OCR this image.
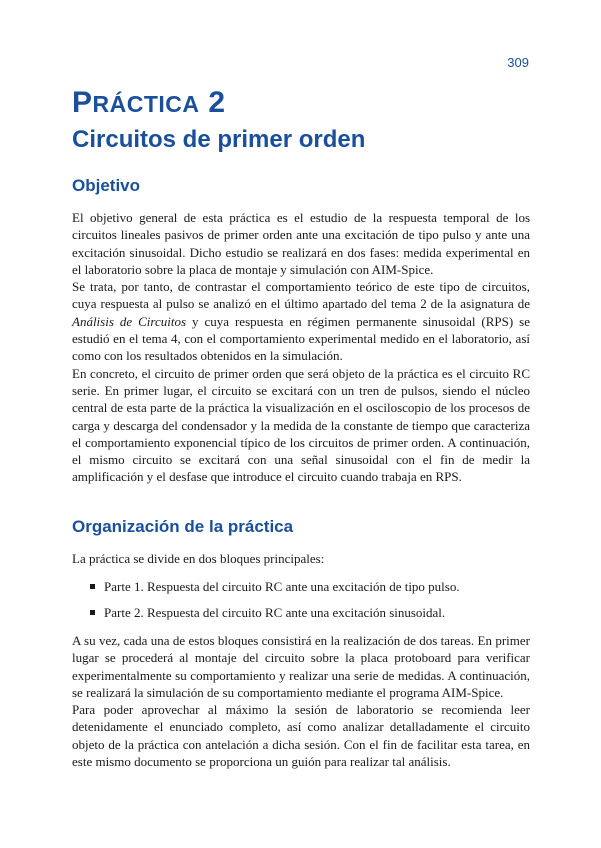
309
PRÁCTICA 2
Circuitos de primer orden
Objetivo

El objetivo general de esta práctica es el estudio de la respuesta temporal de los circuitos lineales pasivos de primer orden ante una excitación de tipo pulso y ante una excitación sinusoidal. Dicho estudio se realizará en dos fases: medida experimental en el laboratorio sobre la placa de montaje y simulación con AIM-Spice.

Se trata, por tanto, de contrastar el comportamiento teórico de este tipo de circuitos, cuya respuesta al pulso se analizó en el último apartado del tema 2 de la asignatura de Análisis de Circuitos y cuya respuesta en régimen permanente sinusoidal (RPS) se estudió en el tema 4, con el comportamiento experimental medido en el laboratorio, así como con los resultados obtenidos en la simulación.

En concreto, el circuito de primer orden que será objeto de la práctica es el circuito RC serie. En primer lugar, el circuito se excitará con un tren de pulsos, siendo el núcleo central de esta parte de la práctica la visualización en el osciloscopio de los procesos de carga y descarga del condensador y la medida de la constante de tiempo que caracteriza el comportamiento exponencial típico de los circuitos de primer orden. A continuación, el mismo circuito se excitará con una señal sinusoidal con el fin de medir la amplificación y el desfase que introduce el circuito cuando trabaja en RPS.

Organización de la práctica
La práctica se divide en dos bloques principales:
Parte 1. Respuesta del circuito RC ante una excitación de tipo pulso.
Parte 2. Respuesta del circuito RC ante una excitación sinusoidal.

A su vez, cada una de estos bloques consistirá en la realización de dos tareas. En primer lugar se procederá al montaje del circuito sobre la placa protoboard para verificar experimentalmente su comportamiento y realizar una serie de medidas. A continuación, se realizará la simulación de su comportamiento mediante el programa AIM-Spice.

Para poder aprovechar al máximo la sesión de laboratorio se recomienda leer detenidamente el enunciado completo, así como analizar detalladamente el circuito objeto de la práctica con antelación a dicha sesión. Con el fin de facilitar esta tarea, en este mismo documento se proporciona un guión para realizar tal análisis.
